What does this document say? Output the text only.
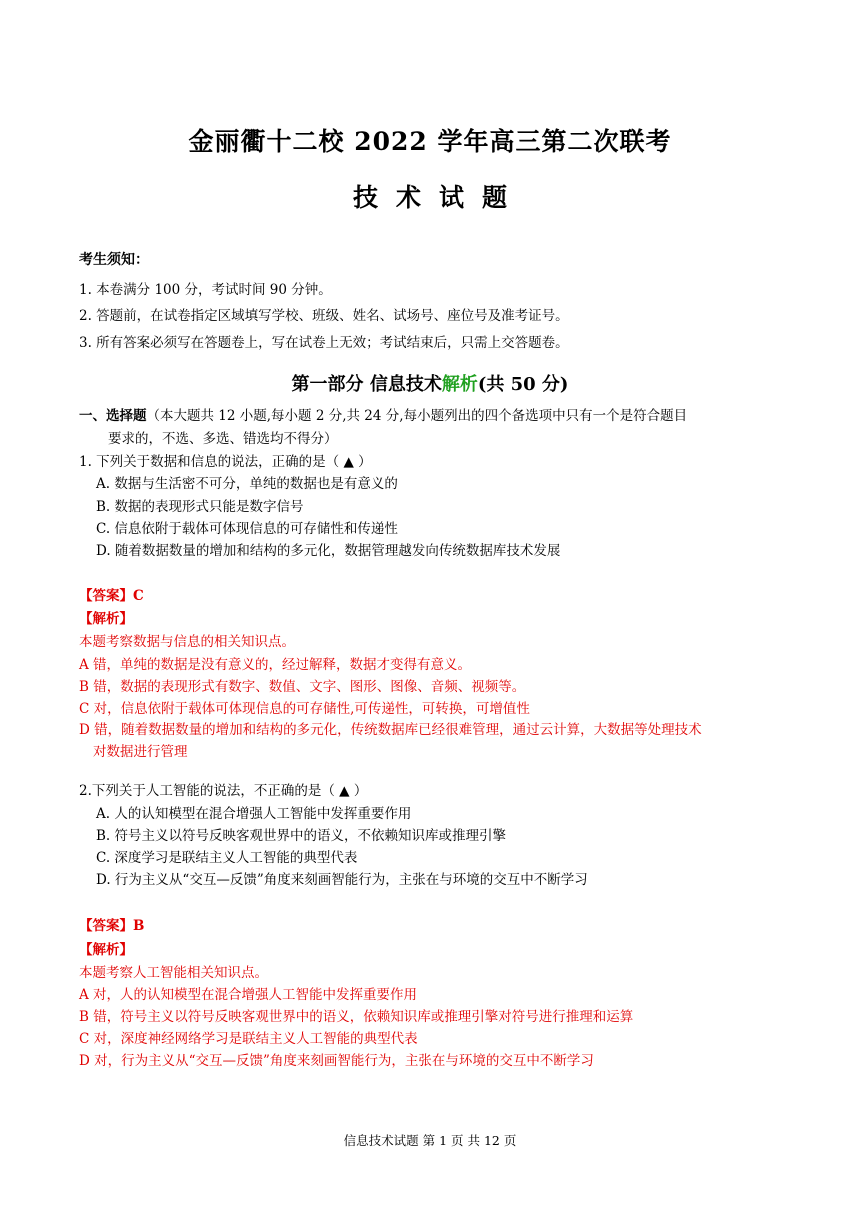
金丽衢十二校 2022 学年高三第二次联考
技术试题
考生须知：
1. 本卷满分 100 分，考试时间 90 分钟。
2. 答题前，在试卷指定区域填写学校、班级、姓名、试场号、座位号及准考证号。
3. 所有答案必须写在答题卷上，写在试卷上无效；考试结束后，只需上交答题卷。
第一部分 信息技术解析(共 50 分)
一、选择题（本大题共 12 小题,每小题 2 分,共 24 分,每小题列出的四个备选项中只有一个是符合题目
要求的，不选、多选、错选均不得分）
1. 下列关于数据和信息的说法，正确的是（ ▲ ）
A. 数据与生活密不可分，单纯的数据也是有意义的
B. 数据的表现形式只能是数字信号
C. 信息依附于载体可体现信息的可存储性和传递性
D. 随着数据数量的增加和结构的多元化，数据管理越发向传统数据库技术发展
【答案】C
【解析】
本题考察数据与信息的相关知识点。
A 错，单纯的数据是没有意义的，经过解释，数据才变得有意义。
B 错，数据的表现形式有数字、数值、文字、图形、图像、音频、视频等。
C 对，信息依附于载体可体现信息的可存储性,可传递性，可转换，可增值性
D 错，随着数据数量的增加和结构的多元化，传统数据库已经很难管理，通过云计算，大数据等处理技术
对数据进行管理
2.下列关于人工智能的说法，不正确的是（ ▲ ）
A. 人的认知模型在混合增强人工智能中发挥重要作用
B. 符号主义以符号反映客观世界中的语义，不依赖知识库或推理引擎
C. 深度学习是联结主义人工智能的典型代表
D. 行为主义从“交互—反馈”角度来刻画智能行为，主张在与环境的交互中不断学习
【答案】B
【解析】
本题考察人工智能相关知识点。
A 对，人的认知模型在混合增强人工智能中发挥重要作用
B 错，符号主义以符号反映客观世界中的语义，依赖知识库或推理引擎对符号进行推理和运算
C 对，深度神经网络学习是联结主义人工智能的典型代表
D 对，行为主义从“交互—反馈”角度来刻画智能行为，主张在与环境的交互中不断学习
信息技术试题 第 1 页 共 12 页
